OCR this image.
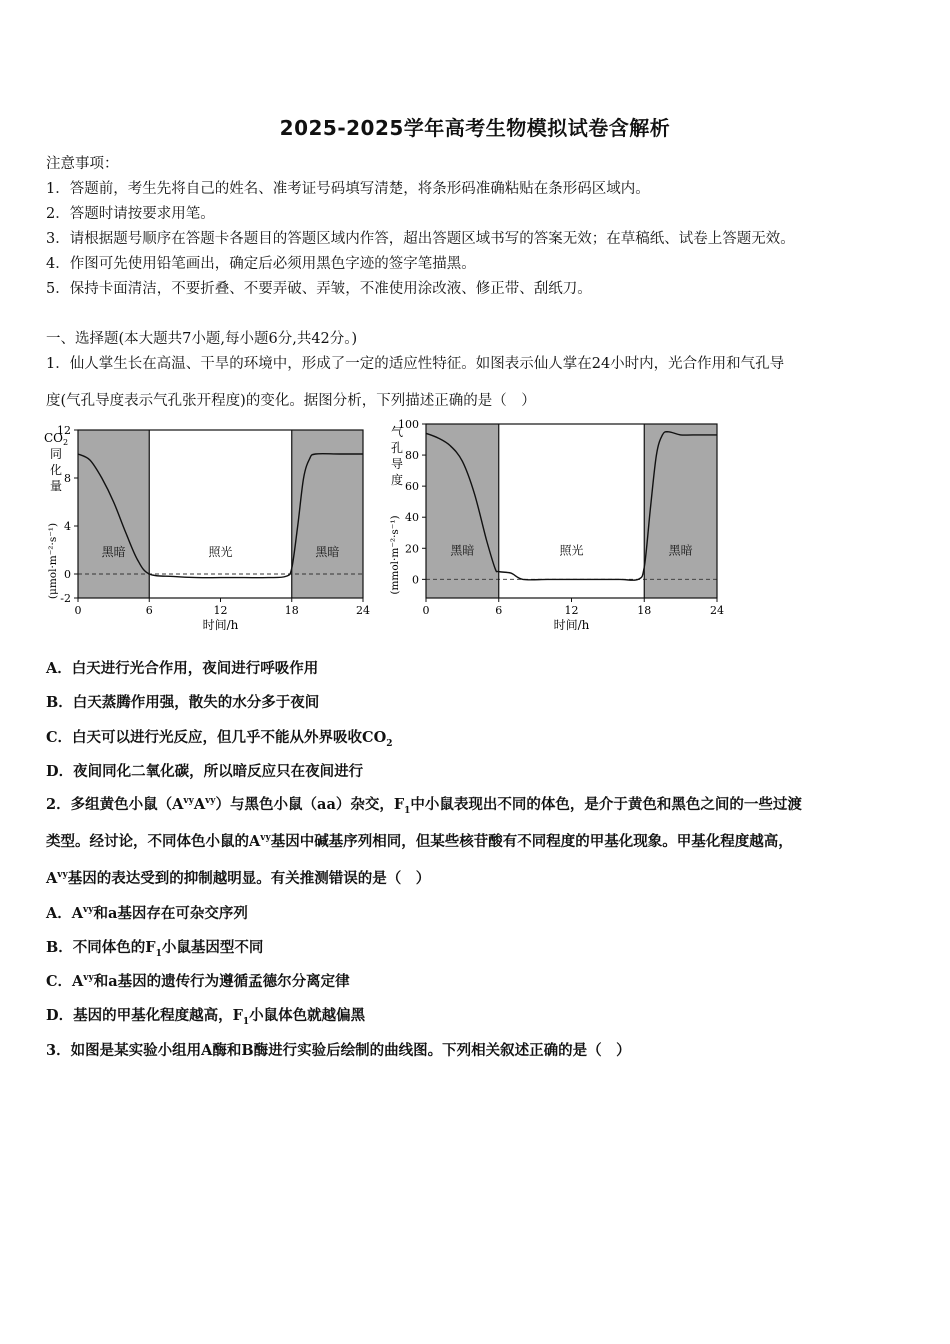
2025-2025学年高考生物模拟试卷含解析
注意事项：
1．答题前，考生先将自己的姓名、准考证号码填写清楚，将条形码准确粘贴在条形码区域内。
2．答题时请按要求用笔。
3．请根据题号顺序在答题卡各题目的答题区域内作答，超出答题区域书写的答案无效；在草稿纸、试卷上答题无效。
4．作图可先使用铅笔画出，确定后必须用黑色字迹的签字笔描黑。
5．保持卡面清洁，不要折叠、不要弄破、弄皱，不准使用涂改液、修正带、刮纸刀。
一、选择题(本大题共7小题,每小题6分,共42分。)
1．仙人掌生长在高温、干旱的环境中，形成了一定的适应性特征。如图表示仙人掌在24小时内，光合作用和气孔导
度(气孔导度表示气孔张开程度)的变化。据图分析，下列描述正确的是（　）
黑暗	照光	黑暗
0	6	12	18	24
-2
0
4
8
12
时间/h
$CO_2$
同
化
量
(μmol·m⁻²·s⁻¹)	黑暗	照光	黑暗
0	6	12	18	24
0
20
40
60
80
100
时间/h
气
孔
导
度
(mmol·m⁻²·s⁻¹)
A．白天进行光合作用，夜间进行呼吸作用
B．白天蒸腾作用强，散失的水分多于夜间
C．白天可以进行光反应，但几乎不能从外界吸收$CO_2$
D．夜间同化二氧化碳，所以暗反应只在夜间进行
2．多组黄色小鼠$(A^{vy}A^{vy})$与黑色小鼠（aa）杂交，$F_1$中小鼠表现出不同的体色，是介于黄色和黑色之间的一些过渡
类型。经讨论，不同体色小鼠的$A^{vy}$基因中碱基序列相同，但某些核苷酸有不同程度的甲基化现象。甲基化程度越高，
$A^{vy}$基因的表达受到的抑制越明显。有关推测错误的是（　）
A．$A^{vy}$和a基因存在可杂交序列
B．不同体色的$F_1$小鼠基因型不同
C．$A^{vy}$和a基因的遗传行为遵循孟德尔分离定律
D．基因的甲基化程度越高，$F_1$小鼠体色就越偏黑
3．如图是某实验小组用A酶和B酶进行实验后绘制的曲线图。下列相关叙述正确的是（　）
